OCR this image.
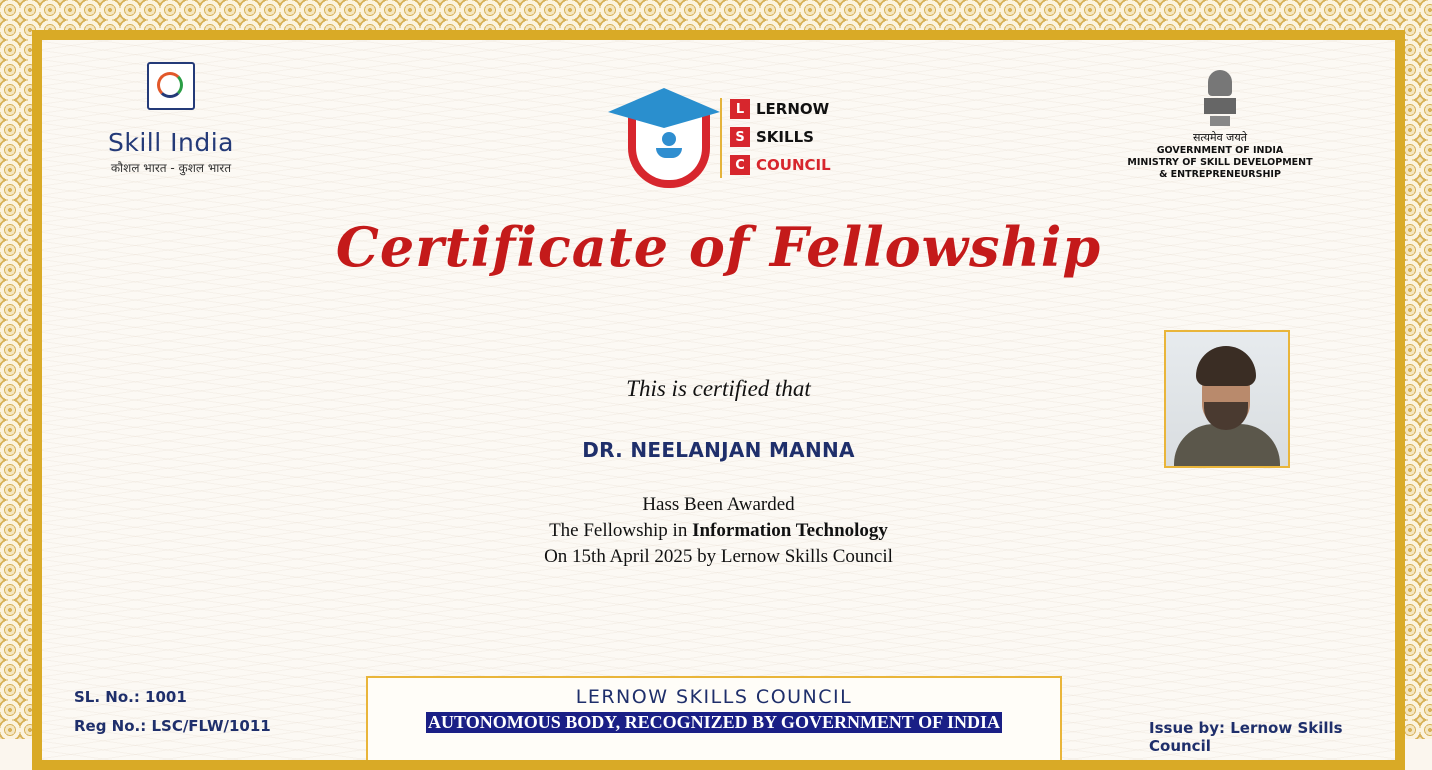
Skill India
कौशल भारत - कुशल भारत
L LERNOW
S SKILLS
C COUNCIL
सत्यमेव जयते
GOVERNMENT OF INDIA
MINISTRY OF SKILL DEVELOPMENT
& ENTREPRENEURSHIP
Certificate of Fellowship
This is certified that
DR. NEELANJAN MANNA
Hass Been Awarded
The Fellowship in Information Technology
On 15th April 2025 by Lernow Skills Council
SL. No.: 1001
Reg No.: LSC/FLW/1011	Issue by: Lernow Skills Council
LERNOW SKILLS COUNCIL
AUTONOMOUS BODY, RECOGNIZED BY GOVERNMENT OF INDIA
